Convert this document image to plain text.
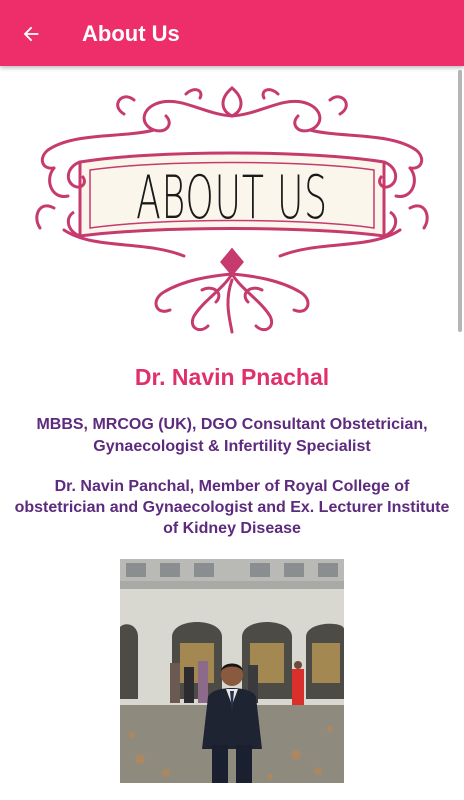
About Us
ABOUT US
Dr. Navin Pnachal
MBBS, MRCOG (UK), DGO Consultant Obstetrician, Gynaecologist & Infertility Specialist
Dr. Navin Panchal, Member of Royal College of obstetrician and Gynaecologist and Ex. Lecturer Institute of Kidney Disease
